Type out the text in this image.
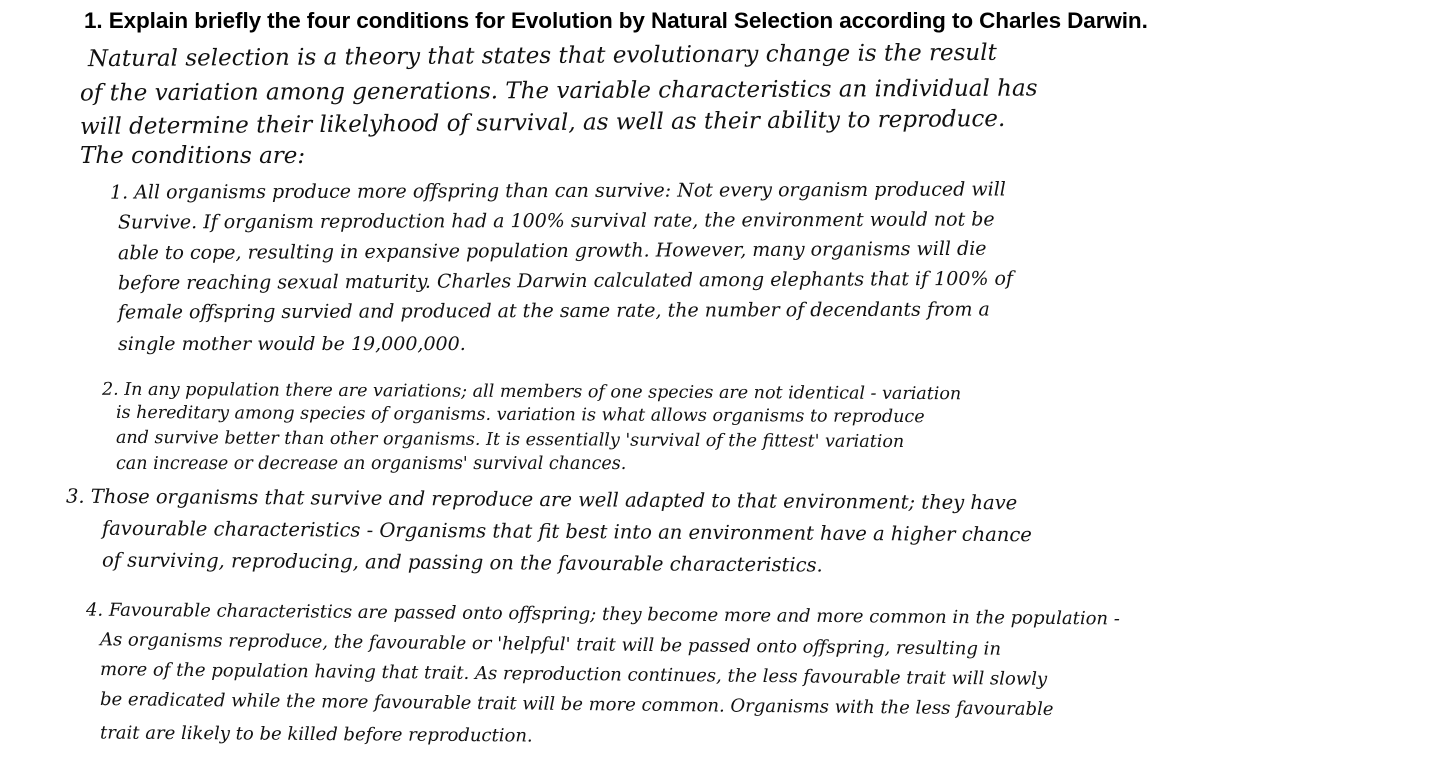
1. Explain briefly the four conditions for Evolution by Natural Selection according to Charles Darwin.

Natural selection is a theory that states that evolutionary change is the result

of the variation among generations. The variable characteristics an individual has

will determine their likelyhood of survival, as well as their ability to reproduce.

The conditions are:

1. All organisms produce more offspring than can survive: Not every organism produced will

Survive. If organism reproduction had a 100% survival rate, the environment would not be

able to cope, resulting in expansive population growth. However, many organisms will die

before reaching sexual maturity. Charles Darwin calculated among elephants that if 100% of

female offspring survied and produced at the same rate, the number of decendants from a

single mother would be 19,000,000.

2. In any population there are variations; all members of one species are not identical - variation

is hereditary among species of organisms. variation is what allows organisms to reproduce

and survive better than other organisms. It is essentially 'survival of the fittest' variation

can increase or decrease an organisms' survival chances.

3. Those organisms that survive and reproduce are well adapted to that environment; they have

favourable characteristics - Organisms that fit best into an environment have a higher chance

of surviving, reproducing, and passing on the favourable characteristics.

4. Favourable characteristics are passed onto offspring; they become more and more common in the population -

As organisms reproduce, the favourable or 'helpful' trait will be passed onto offspring, resulting in

more of the population having that trait. As reproduction continues, the less favourable trait will slowly

be eradicated while the more favourable trait will be more common. Organisms with the less favourable

trait are likely to be killed before reproduction.
